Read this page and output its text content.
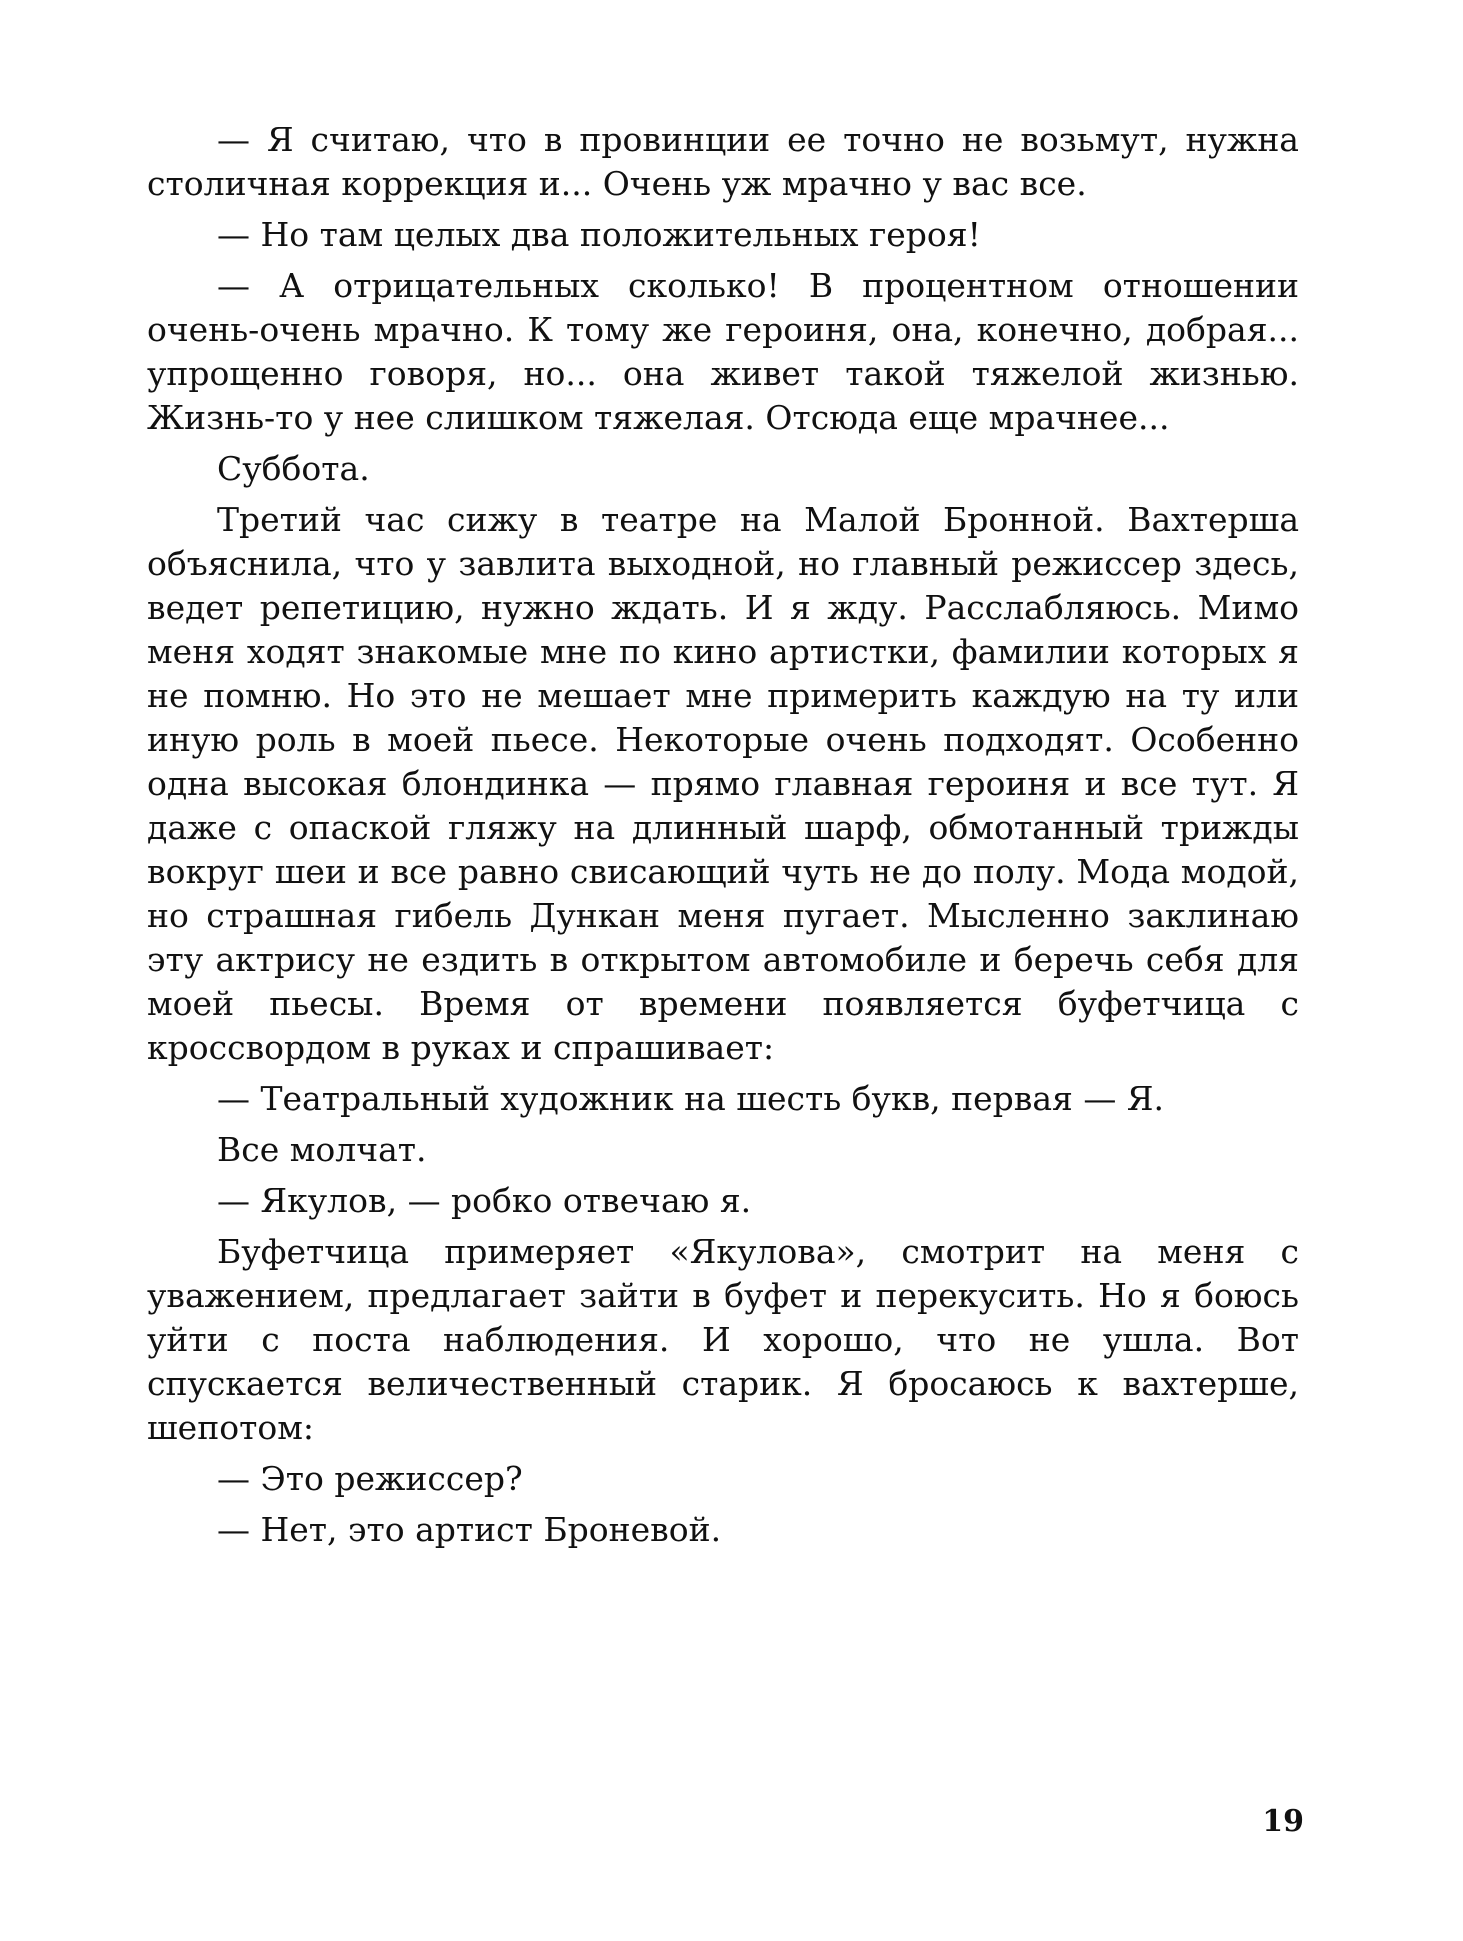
— Я считаю, что в провинции ее точно не возьмут, нужна столичная коррекция и... Очень уж мрачно у вас все.

— Но там целых два положительных героя!

— А отрицательных сколько! В процентном отношении очень-очень мрачно. К тому же героиня, она, конечно, добрая... упрощенно говоря, но... она живет такой тяжелой жизнью. Жизнь-то у нее слишком тяжелая. Отсюда еще мрачнее...

Суббота.

Третий час сижу в театре на Малой Бронной. Вахтерша объяснила, что у завлита выходной, но главный режиссер здесь, ведет репетицию, нужно ждать. И я жду. Расслабляюсь. Мимо меня ходят знакомые мне по кино артистки, фамилии которых я не помню. Но это не мешает мне примерить каждую на ту или иную роль в моей пьесе. Некоторые очень подходят. Особенно одна высокая блондинка — прямо главная героиня и все тут. Я даже с опаской гляжу на длинный шарф, обмотанный трижды вокруг шеи и все равно свисающий чуть не до полу. Мода модой, но страшная гибель Дункан меня пугает. Мысленно заклинаю эту актрису не ездить в открытом автомобиле и беречь себя для моей пьесы. Время от времени появляется буфетчица с кроссвордом в руках и спрашивает:

— Театральный художник на шесть букв, первая — Я.

Все молчат.

— Якулов, — робко отвечаю я.

Буфетчица примеряет «Якулова», смотрит на меня с уважением, предлагает зайти в буфет и перекусить. Но я боюсь уйти с поста наблюдения. И хорошо, что не ушла. Вот спускается величественный старик. Я бросаюсь к вахтерше, шепотом:

— Это режиссер?

— Нет, это артист Броневой.

19
